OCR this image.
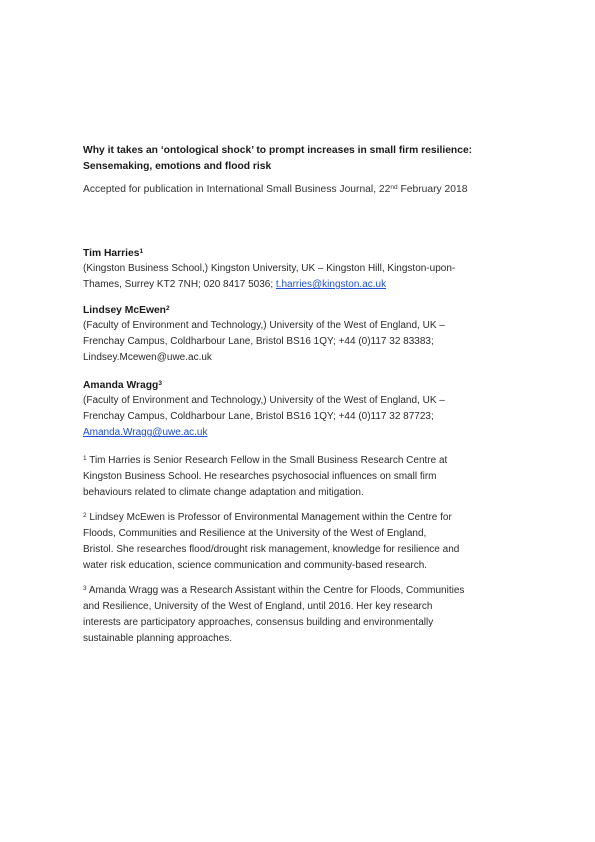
Why it takes an ‘ontological shock’ to prompt increases in small firm resilience:
Sensemaking, emotions and flood risk

Accepted for publication in International Small Business Journal, 22nd February 2018

Tim Harries$^1$

(Kingston Business School,) Kingston University, UK – Kingston Hill, Kingston-upon-
Thames, Surrey KT2 7NH; 020 8417 5036; t.harries@kingston.ac.uk

Lindsey McEwen$^2$

(Faculty of Environment and Technology,) University of the West of England, UK –
Frenchay Campus, Coldharbour Lane, Bristol BS16 1QY; +44 (0)117 32 83383;
Lindsey.Mcewen@uwe.ac.uk

Amanda Wragg$^3$

(Faculty of Environment and Technology,) University of the West of England, UK –
Frenchay Campus, Coldharbour Lane, Bristol BS16 1QY; +44 (0)117 32 87723;
Amanda.Wragg@uwe.ac.uk
$^1$ Tim Harries is Senior Research Fellow in the Small Business Research Centre at
Kingston Business School. He researches psychosocial influences on small firm
behaviours related to climate change adaptation and mitigation.
$^2$ Lindsey McEwen is Professor of Environmental Management within the Centre for
Floods, Communities and Resilience at the University of the West of England,
Bristol. She researches flood/drought risk management, knowledge for resilience and
water risk education, science communication and community-based research.
$^3$ Amanda Wragg was a Research Assistant within the Centre for Floods, Communities
and Resilience, University of the West of England, until 2016. Her key research
interests are participatory approaches, consensus building and environmentally
sustainable planning approaches.
